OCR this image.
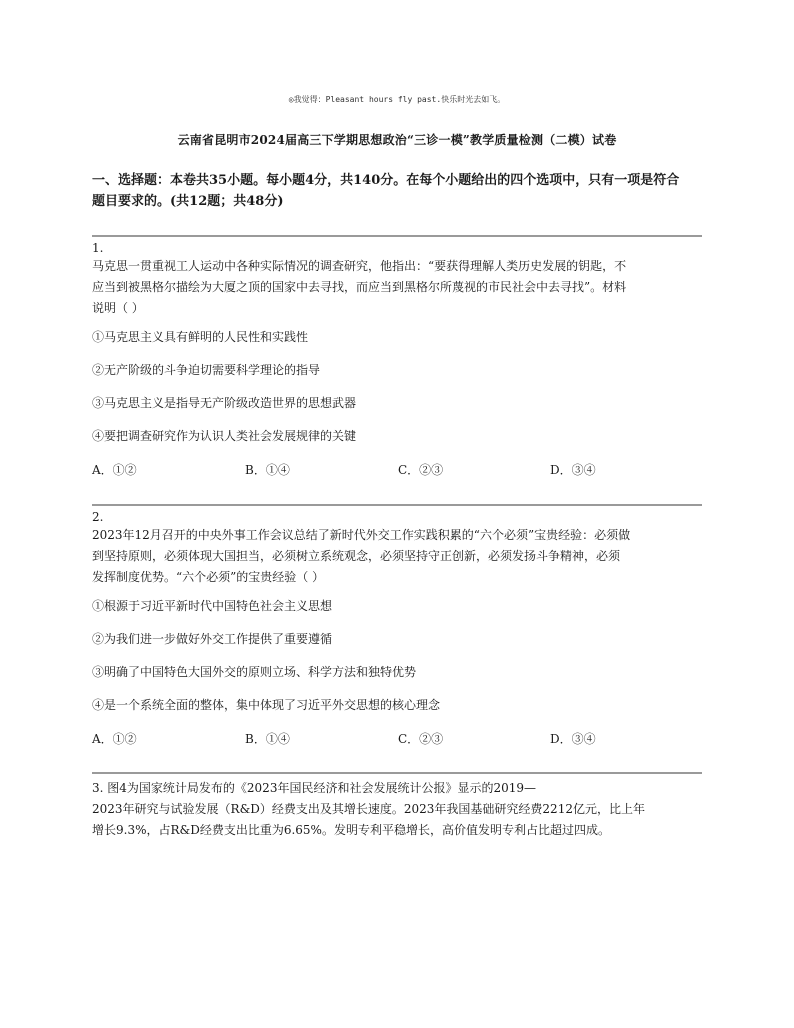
◎我觉得：Pleasant hours fly past.快乐时光去如飞。
云南省昆明市2024届高三下学期思想政治“三诊一模”教学质量检测（二模）试卷
一、选择题：本卷共35小题。每小题4分，共140分。在每个小题给出的四个选项中，只有一项是符合
题目要求的。(共12题；共48分)
1.

马克思一贯重视工人运动中各种实际情况的调查研究，他指出：“要获得理解人类历史发展的钥匙，不

应当到被黑格尔描绘为大厦之顶的国家中去寻找，而应当到黑格尔所蔑视的市民社会中去寻找”。材料

说明（ ）

①马克思主义具有鲜明的人民性和实践性
②无产阶级的斗争迫切需要科学理论的指导
③马克思主义是指导无产阶级改造世界的思想武器
④要把调查研究作为认识人类社会发展规律的关键
A．①②	B．①④	C．②③	D．③④
2.

2023年12月召开的中央外事工作会议总结了新时代外交工作实践积累的“六个必须”宝贵经验：必须做

到坚持原则，必须体现大国担当，必须树立系统观念，必须坚持守正创新，必须发扬斗争精神，必须

发挥制度优势。“六个必须”的宝贵经验（ ）

①根源于习近平新时代中国特色社会主义思想
②为我们进一步做好外交工作提供了重要遵循
③明确了中国特色大国外交的原则立场、科学方法和独特优势
④是一个系统全面的整体，集中体现了习近平外交思想的核心理念
A．①②	B．①④	C．②③	D．③④

3. 图4为国家统计局发布的《2023年国民经济和社会发展统计公报》显示的2019—

2023年研究与试验发展（R&D）经费支出及其增长速度。2023年我国基础研究经费2212亿元，比上年

增长9.3%，占R&D经费支出比重为6.65%。发明专利平稳增长，高价值发明专利占比超过四成。
